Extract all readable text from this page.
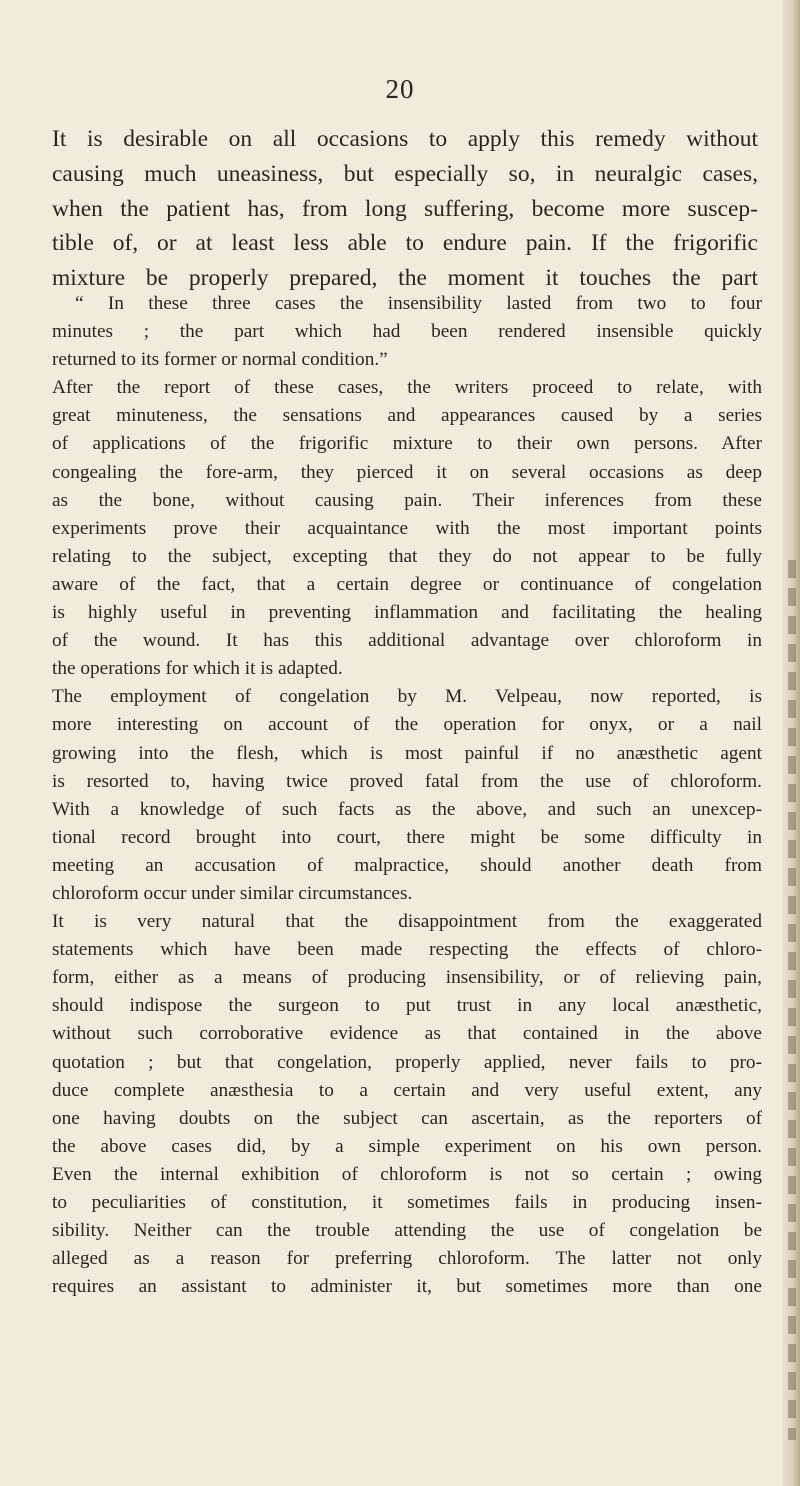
20
It is desirable on all occasions to apply this remedy without
causing much uneasiness, but especially so, in neuralgic cases,
when the patient has, from long suffering, become more suscep-
tible of, or at least less able to endure pain. If the frigorific
mixture be properly prepared, the moment it touches the part
“ In these three cases the insensibility lasted from two to four
minutes ; the part which had been rendered insensible quickly
returned to its former or normal condition.”
After the report of these cases, the writers proceed to relate, with
great minuteness, the sensations and appearances caused by a series
of applications of the frigorific mixture to their own persons. After
congealing the fore-arm, they pierced it on several occasions as deep
as the bone, without causing pain. Their inferences from these
experiments prove their acquaintance with the most important points
relating to the subject, excepting that they do not appear to be fully
aware of the fact, that a certain degree or continuance of congelation
is highly useful in preventing inflammation and facilitating the healing
of the wound. It has this additional advantage over chloroform in
the operations for which it is adapted.
The employment of congelation by M. Velpeau, now reported, is
more interesting on account of the operation for onyx, or a nail
growing into the flesh, which is most painful if no anæsthetic agent
is resorted to, having twice proved fatal from the use of chloroform.
With a knowledge of such facts as the above, and such an unexcep-
tional record brought into court, there might be some difficulty in
meeting an accusation of malpractice, should another death from
chloroform occur under similar circumstances.
It is very natural that the disappointment from the exaggerated
statements which have been made respecting the effects of chloro-
form, either as a means of producing insensibility, or of relieving pain,
should indispose the surgeon to put trust in any local anæsthetic,
without such corroborative evidence as that contained in the above
quotation ; but that congelation, properly applied, never fails to pro-
duce complete anæsthesia to a certain and very useful extent, any
one having doubts on the subject can ascertain, as the reporters of
the above cases did, by a simple experiment on his own person.
Even the internal exhibition of chloroform is not so certain ; owing
to peculiarities of constitution, it sometimes fails in producing insen-
sibility. Neither can the trouble attending the use of congelation be
alleged as a reason for preferring chloroform. The latter not only
requires an assistant to administer it, but sometimes more than one
